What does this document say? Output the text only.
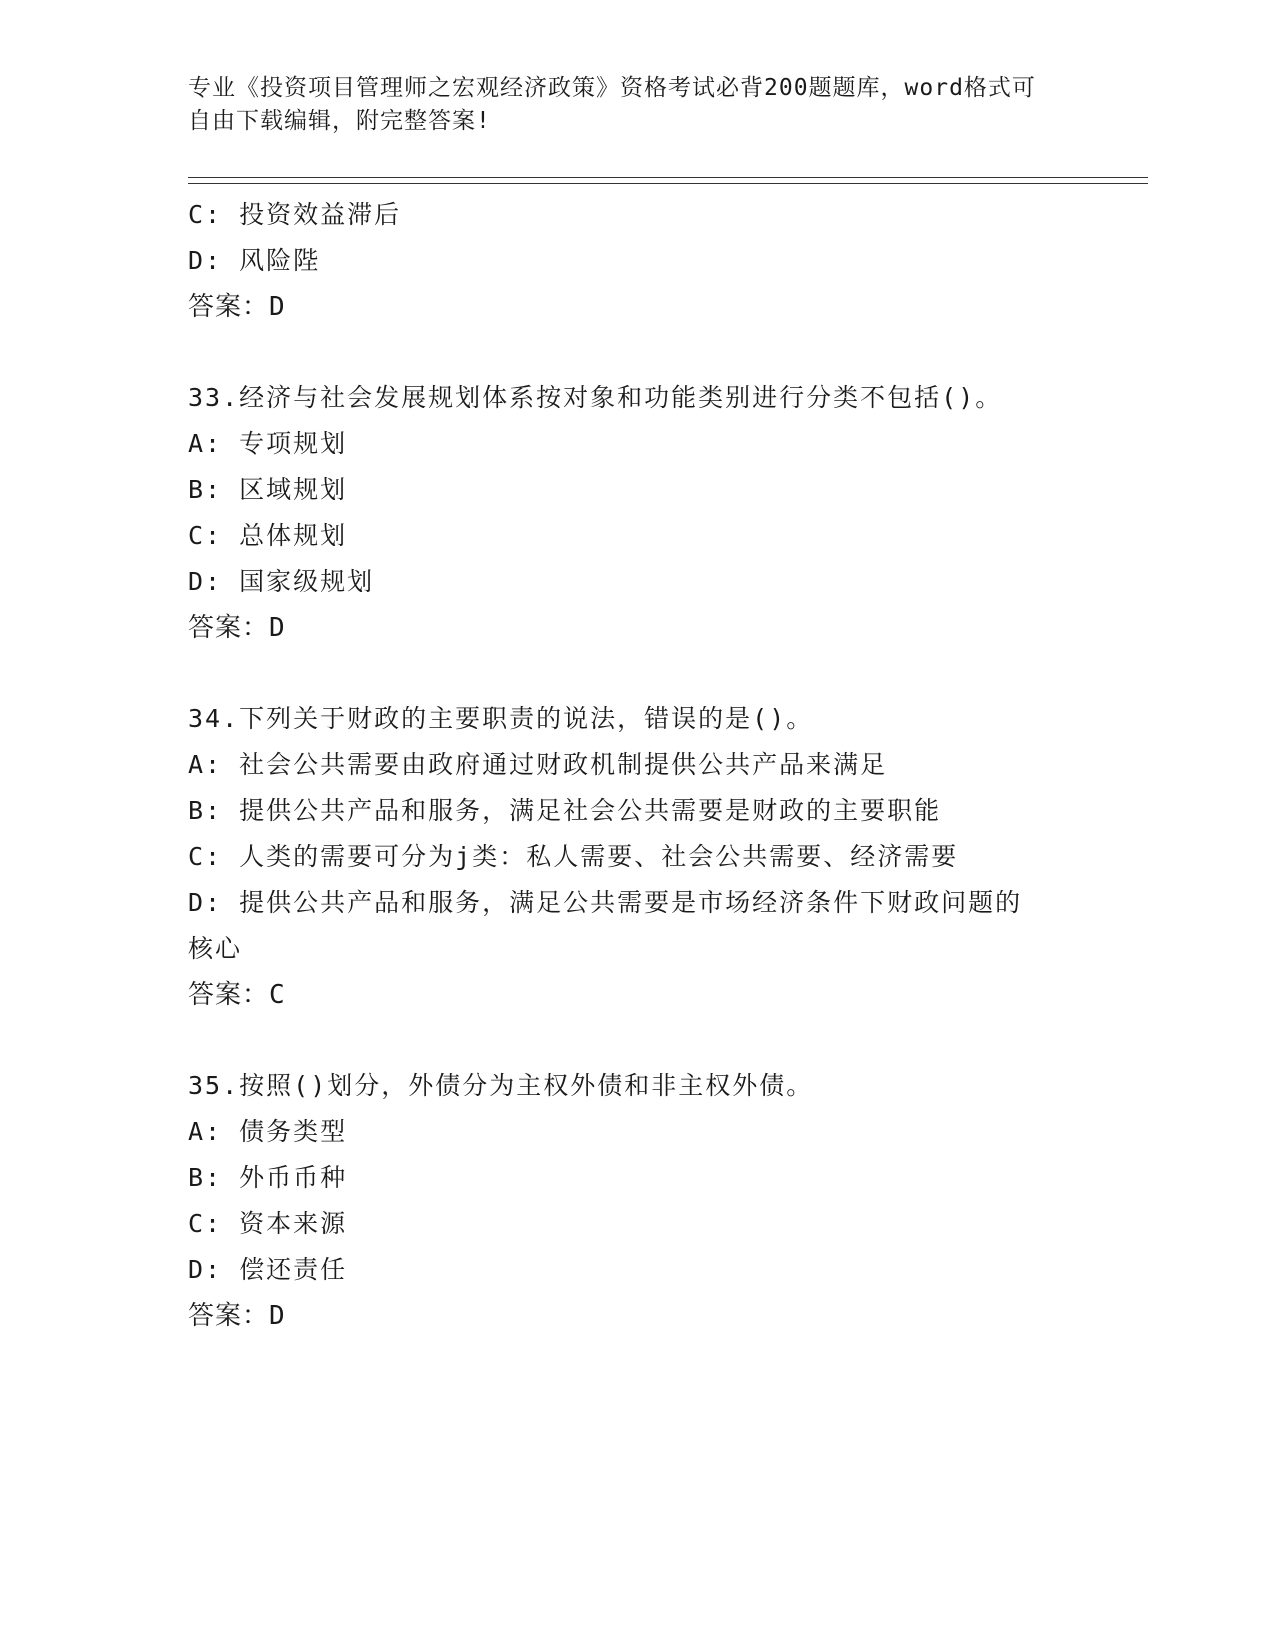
专业《投资项目管理师之宏观经济政策》资格考试必背200题题库，word格式可
自由下载编辑，附完整答案!
C: 投资效益滞后
D: 风险陛
答案：D
33.经济与社会发展规划体系按对象和功能类别进行分类不包括()。
A: 专项规划
B: 区域规划
C: 总体规划
D: 国家级规划
答案：D
34.下列关于财政的主要职责的说法，错误的是()。
A: 社会公共需要由政府通过财政机制提供公共产品来满足
B: 提供公共产品和服务，满足社会公共需要是财政的主要职能
C: 人类的需要可分为j类：私人需要、社会公共需要、经济需要
D: 提供公共产品和服务，满足公共需要是市场经济条件下财政问题的核心
答案：C
35.按照()划分，外债分为主权外债和非主权外债。
A: 债务类型
B: 外币币种
C: 资本来源
D: 偿还责任
答案：D
